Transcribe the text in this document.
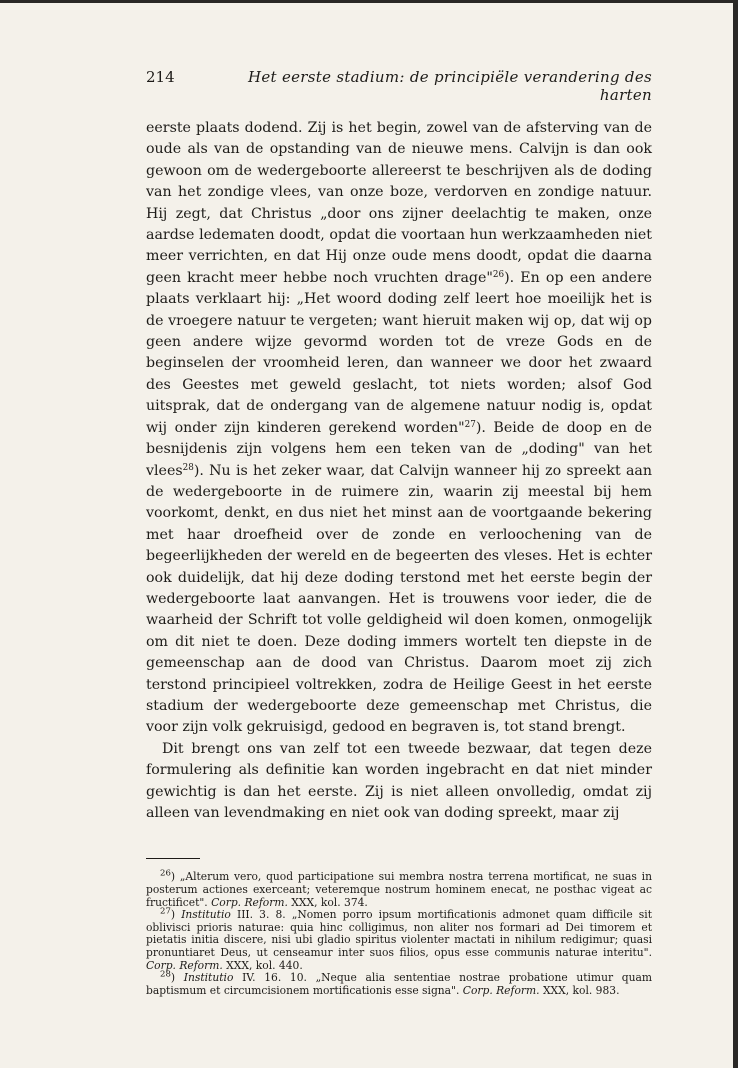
214	Het eerste stadium: de principiële verandering des harten

eerste plaats dodend. Zij is het begin, zowel van de afsterving van de oude als van de opstanding van de nieuwe mens. Calvijn is dan ook gewoon om de wedergeboorte allereerst te beschrijven als de doding van het zondige vlees, van onze boze, verdorven en zondige natuur. Hij zegt, dat Christus „door ons zijner deelachtig te maken, onze aardse ledematen doodt, opdat die voortaan hun werkzaamheden niet meer verrichten, en dat Hij onze oude mens doodt, opdat die daarna geen kracht meer hebbe noch vruchten drage"$^{26}$). En op een andere plaats verklaart hij: „Het woord doding zelf leert hoe moeilijk het is de vroegere natuur te vergeten; want hieruit maken wij op, dat wij op geen andere wijze gevormd worden tot de vreze Gods en de beginselen der vroomheid leren, dan wanneer we door het zwaard des Geestes met geweld geslacht, tot niets worden; alsof God uitsprak, dat de ondergang van de algemene natuur nodig is, opdat wij onder zijn kinderen gerekend worden"$^{27}$). Beide de doop en de besnijdenis zijn volgens hem een teken van de „doding" van het vlees$^{28}$). Nu is het zeker waar, dat Calvijn wanneer hij zo spreekt aan de wedergeboorte in de ruimere zin, waarin zij meestal bij hem voorkomt, denkt, en dus niet het minst aan de voortgaande bekering met haar droefheid over de zonde en verloochening van de begeerlijkheden der wereld en de begeerten des vleses. Het is echter ook duidelijk, dat hij deze doding terstond met het eerste begin der wedergeboorte laat aanvangen. Het is trouwens voor ieder, die de waarheid der Schrift tot volle geldigheid wil doen komen, onmogelijk om dit niet te doen. Deze doding immers wortelt ten diepste in de gemeenschap aan de dood van Christus. Daarom moet zij zich terstond principieel voltrekken, zodra de Heilige Geest in het eerste stadium der wedergeboorte deze gemeenschap met Christus, die voor zijn volk gekruisigd, gedood en begraven is, tot stand brengt.

Dit brengt ons van zelf tot een tweede bezwaar, dat tegen deze formulering als definitie kan worden ingebracht en dat niet minder gewichtig is dan het eerste. Zij is niet alleen onvolledig, omdat zij alleen van levendmaking en niet ook van doding spreekt, maar zij

$^{26}$) „Alterum vero, quod participatione sui membra nostra terrena mortificat, ne suas in posterum actiones exerceant; veteremque nostrum hominem enecat, ne posthac vigeat ac fructificet". Corp. Reform. XXX, kol. 374.

$^{27}$) Institutio III. 3. 8. „Nomen porro ipsum mortificationis admonet quam difficile sit oblivisci prioris naturae: quia hinc colligimus, non aliter nos formari ad Dei timorem et pietatis initia discere, nisi ubi gladio spiritus violenter mactati in nihilum redigimur; quasi pronuntiaret Deus, ut censeamur inter suos filios, opus esse communis naturae interitu". Corp. Reform. XXX, kol. 440.

$^{28}$) Institutio IV. 16. 10. „Neque alia sententiae nostrae probatione utimur quam baptismum et circumcisionem mortificationis esse signa". Corp. Reform. XXX, kol. 983.
